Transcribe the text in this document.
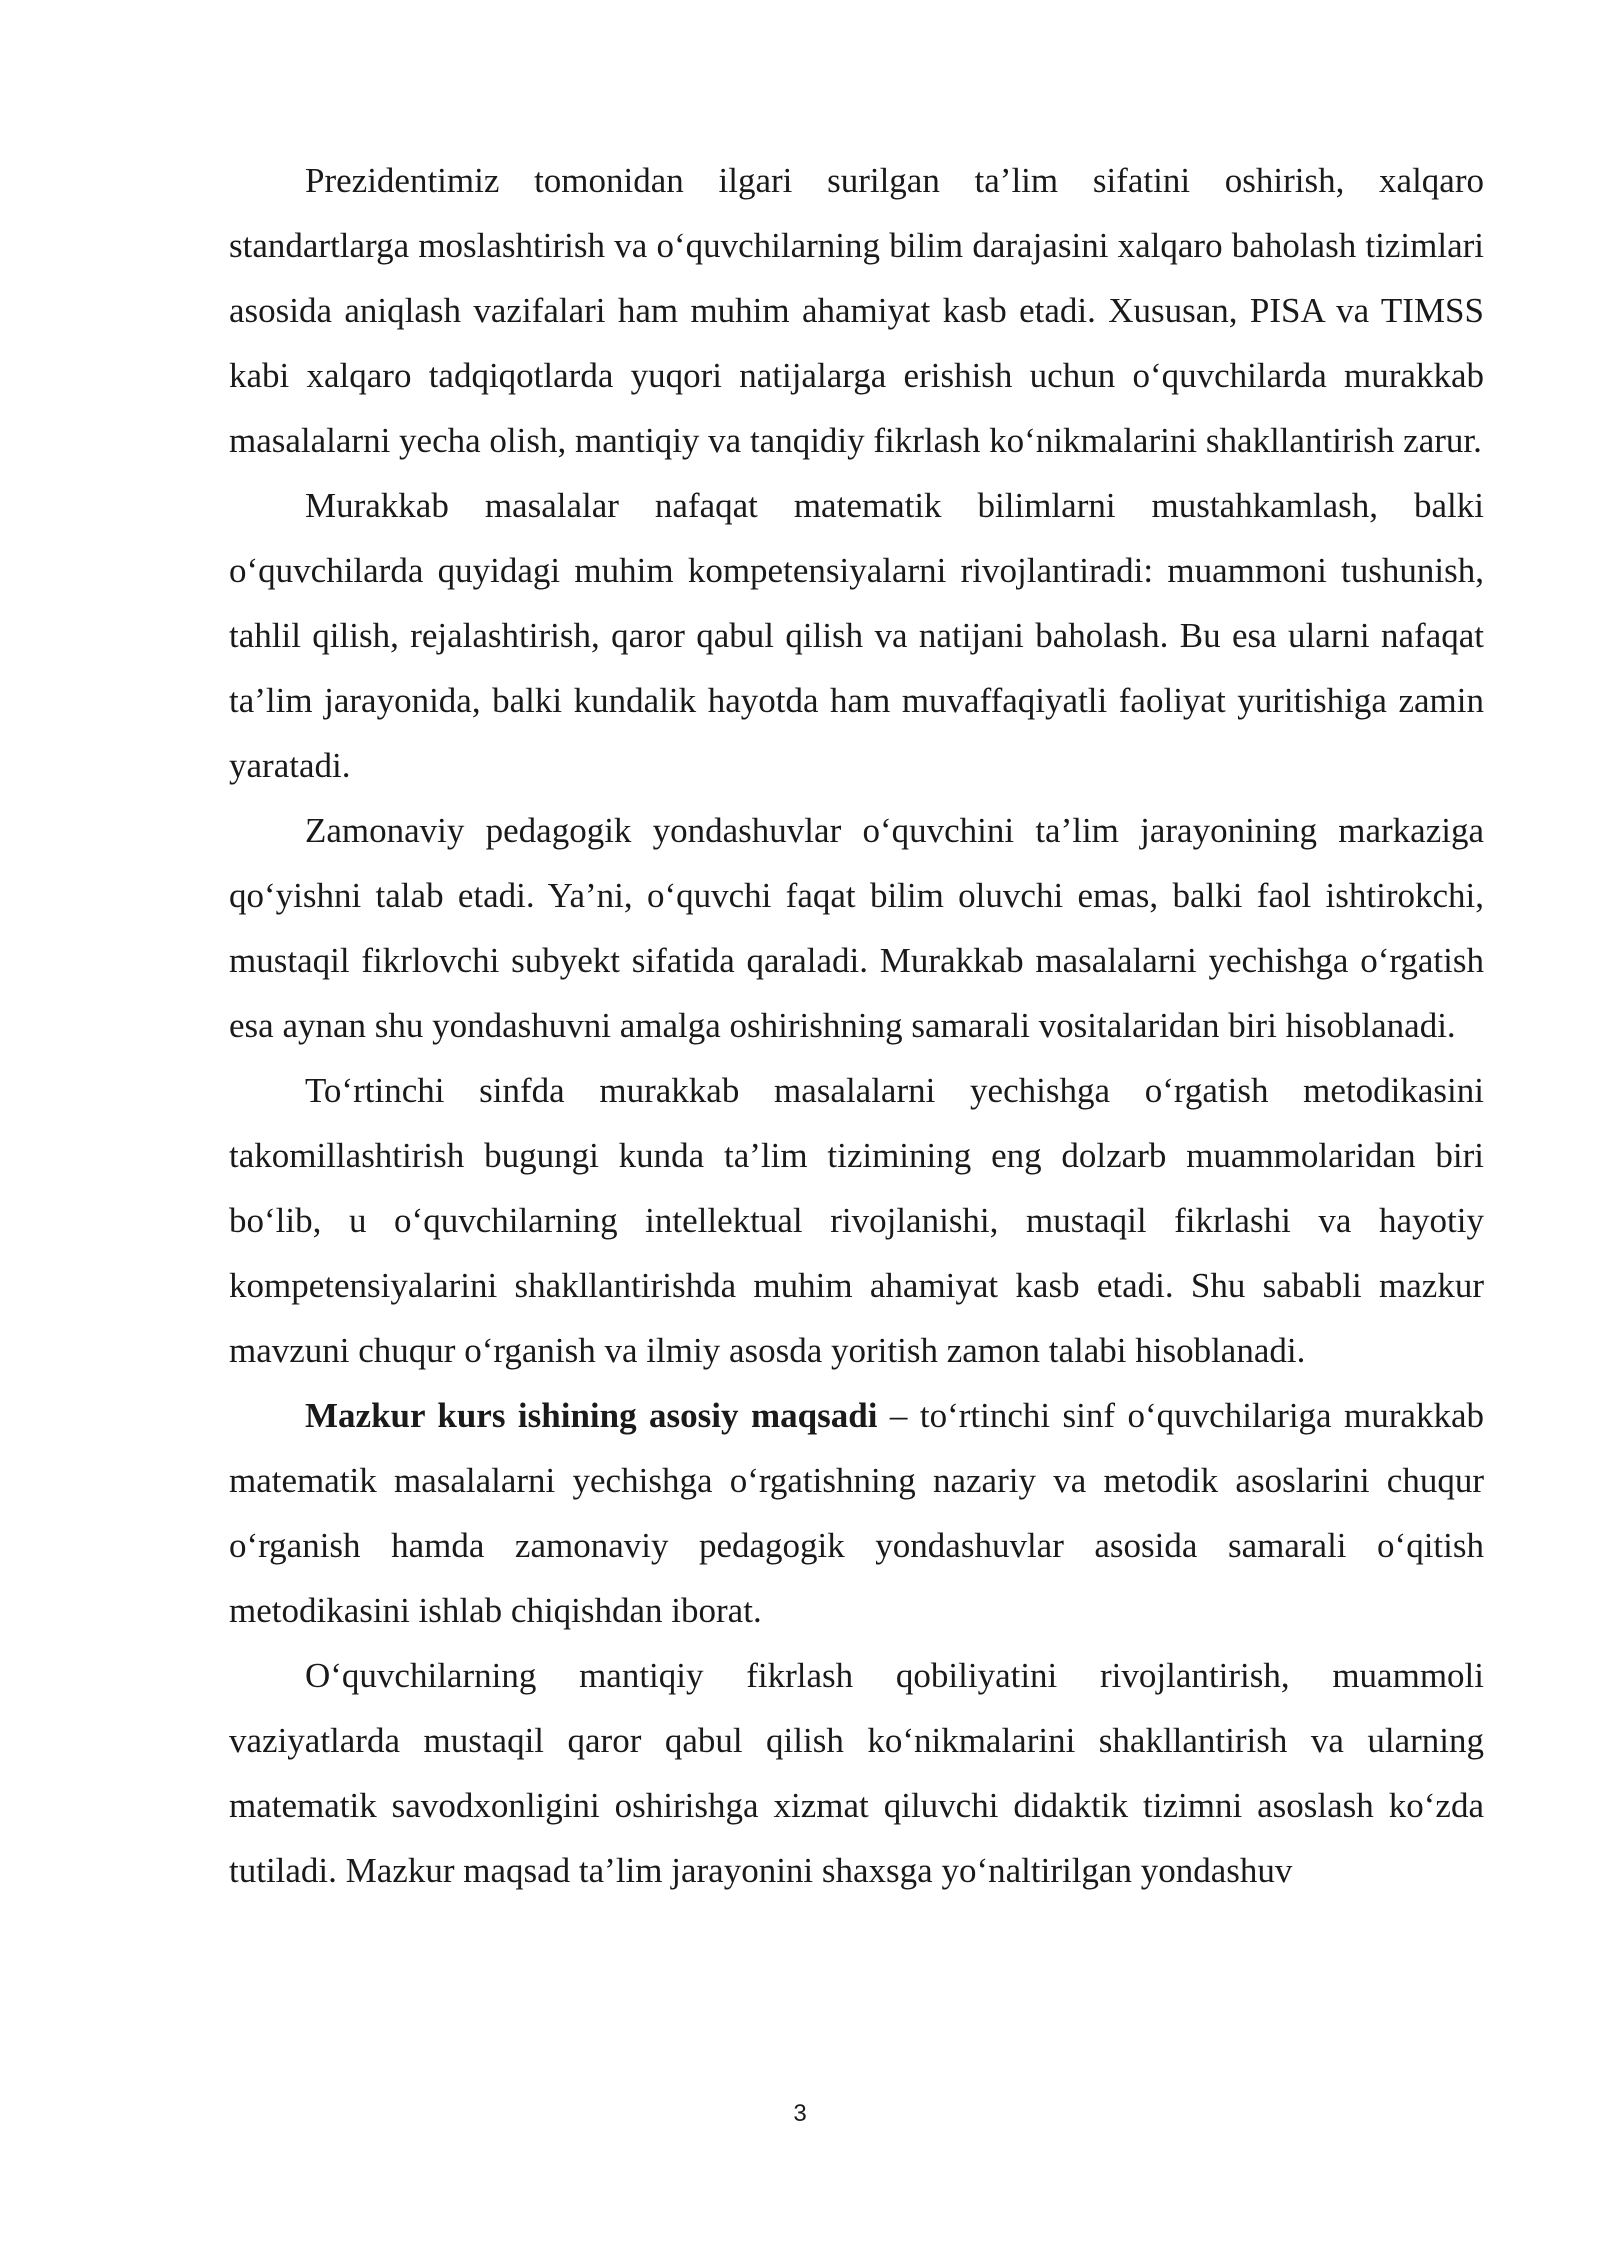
Prezidentimiz tomonidan ilgari surilgan ta’lim sifatini oshirish, xalqaro standartlarga moslashtirish va o‘quvchilarning bilim darajasini xalqaro baholash tizimlari asosida aniqlash vazifalari ham muhim ahamiyat kasb etadi. Xususan, PISA va TIMSS kabi xalqaro tadqiqotlarda yuqori natijalarga erishish uchun o‘quvchilarda murakkab masalalarni yecha olish, mantiqiy va tanqidiy fikrlash ko‘nikmalarini shakllantirish zarur.

Murakkab masalalar nafaqat matematik bilimlarni mustahkamlash, balki o‘quvchilarda quyidagi muhim kompetensiyalarni rivojlantiradi: muammoni tushunish, tahlil qilish, rejalashtirish, qaror qabul qilish va natijani baholash. Bu esa ularni nafaqat ta’lim jarayonida, balki kundalik hayotda ham muvaffaqiyatli faoliyat yuritishiga zamin yaratadi.

Zamonaviy pedagogik yondashuvlar o‘quvchini ta’lim jarayonining markaziga qo‘yishni talab etadi. Ya’ni, o‘quvchi faqat bilim oluvchi emas, balki faol ishtirokchi, mustaqil fikrlovchi subyekt sifatida qaraladi. Murakkab masalalarni yechishga o‘rgatish esa aynan shu yondashuvni amalga oshirishning samarali vositalaridan biri hisoblanadi.

To‘rtinchi sinfda murakkab masalalarni yechishga o‘rgatish metodikasini takomillashtirish bugungi kunda ta’lim tizimining eng dolzarb muammolaridan biri bo‘lib, u o‘quvchilarning intellektual rivojlanishi, mustaqil fikrlashi va hayotiy kompetensiyalarini shakllantirishda muhim ahamiyat kasb etadi. Shu sababli mazkur mavzuni chuqur o‘rganish va ilmiy asosda yoritish zamon talabi hisoblanadi.

Mazkur kurs ishining asosiy maqsadi – to‘rtinchi sinf o‘quvchilariga murakkab matematik masalalarni yechishga o‘rgatishning nazariy va metodik asoslarini chuqur o‘rganish hamda zamonaviy pedagogik yondashuvlar asosida samarali o‘qitish metodikasini ishlab chiqishdan iborat.

O‘quvchilarning mantiqiy fikrlash qobiliyatini rivojlantirish, muammoli vaziyatlarda mustaqil qaror qabul qilish ko‘nikmalarini shakllantirish va ularning matematik savodxonligini oshirishga xizmat qiluvchi didaktik tizimni asoslash ko‘zda tutiladi. Mazkur maqsad ta’lim jarayonini shaxsga yo‘naltirilgan yondashuv

3
